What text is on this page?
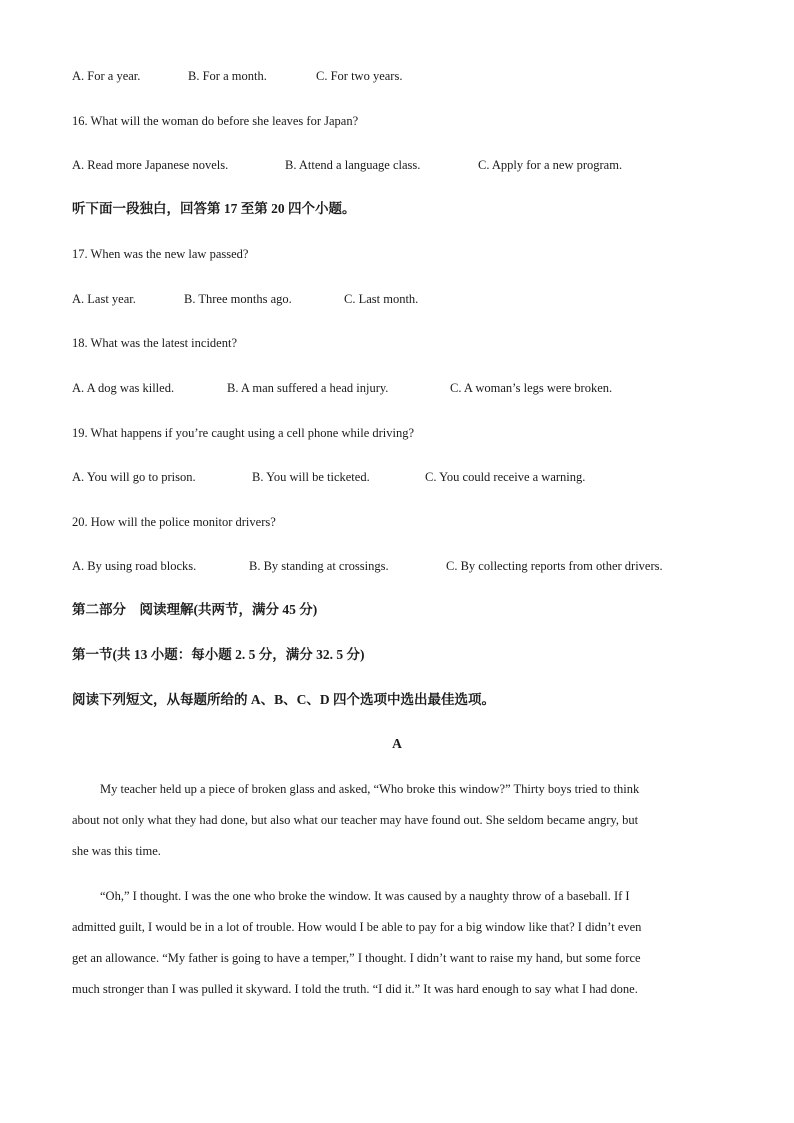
A. For a year.	B. For a month.	C. For two years.
16. What will the woman do before she leaves for Japan?
A. Read more Japanese novels.	B. Attend a language class.	C. Apply for a new program.
听下面一段独白，回答第 17 至第 20 四个小题。
17. When was the new law passed?
A. Last year.	B. Three months ago.	C. Last month.
18. What was the latest incident?
A. A dog was killed.	B. A man suffered a head injury.	C. A woman’s legs were broken.
19. What happens if you’re caught using a cell phone while driving?
A. You will go to prison.	B. You will be ticketed.	C. You could receive a warning.
20. How will the police monitor drivers?
A. By using road blocks.	B. By standing at crossings.	C. By collecting reports from other drivers.
第二部分　阅读理解(共两节，满分 45 分)
第一节(共 13 小题：每小题 2. 5 分，满分 32. 5 分)
阅读下列短文，从每题所给的 A、B、C、D 四个选项中选出最佳选项。
A
My teacher held up a piece of broken glass and asked, “Who broke this window?” Thirty boys tried to think
about not only what they had done, but also what our teacher may have found out. She seldom became angry, but
she was this time.
“Oh,” I thought. I was the one who broke the window. It was caused by a naughty throw of a baseball. If I
admitted guilt, I would be in a lot of trouble. How would I be able to pay for a big window like that? I didn’t even
get an allowance. “My father is going to have a temper,” I thought. I didn’t want to raise my hand, but some force
much stronger than I was pulled it skyward. I told the truth. “I did it.” It was hard enough to say what I had done.
